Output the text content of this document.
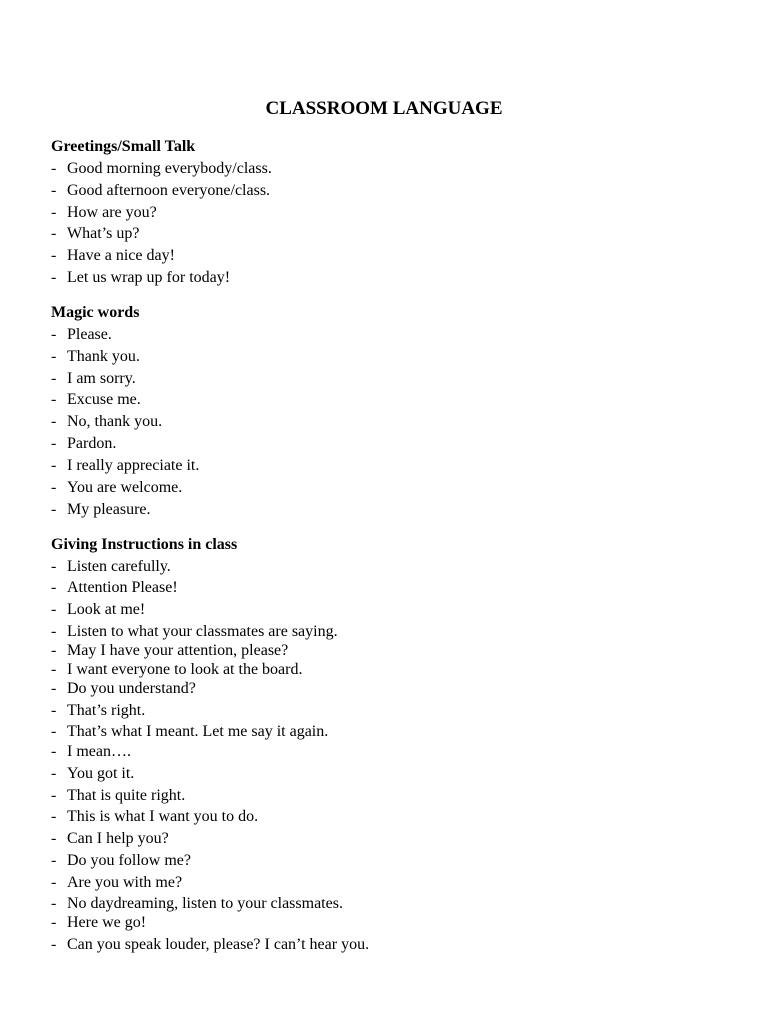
CLASSROOM LANGUAGE
Greetings/Small Talk
- Good morning everybody/class.
- Good afternoon everyone/class.
- How are you?
- What’s up?
- Have a nice day!
- Let us wrap up for today!
Magic words
- Please.
- Thank you.
- I am sorry.
- Excuse me.
- No, thank you.
- Pardon.
- I really appreciate it.
- You are welcome.
- My pleasure.
Giving Instructions in class
- Listen carefully.
- Attention Please!
- Look at me!
- Listen to what your classmates are saying.
- May I have your attention, please?
- I want everyone to look at the board.
- Do you understand?
- That’s right.
- That’s what I meant. Let me say it again.
- I mean….
- You got it.
- That is quite right.
- This is what I want you to do.
- Can I help you?
- Do you follow me?
- Are you with me?
- No daydreaming, listen to your classmates.
- Here we go!
- Can you speak louder, please? I can’t hear you.
